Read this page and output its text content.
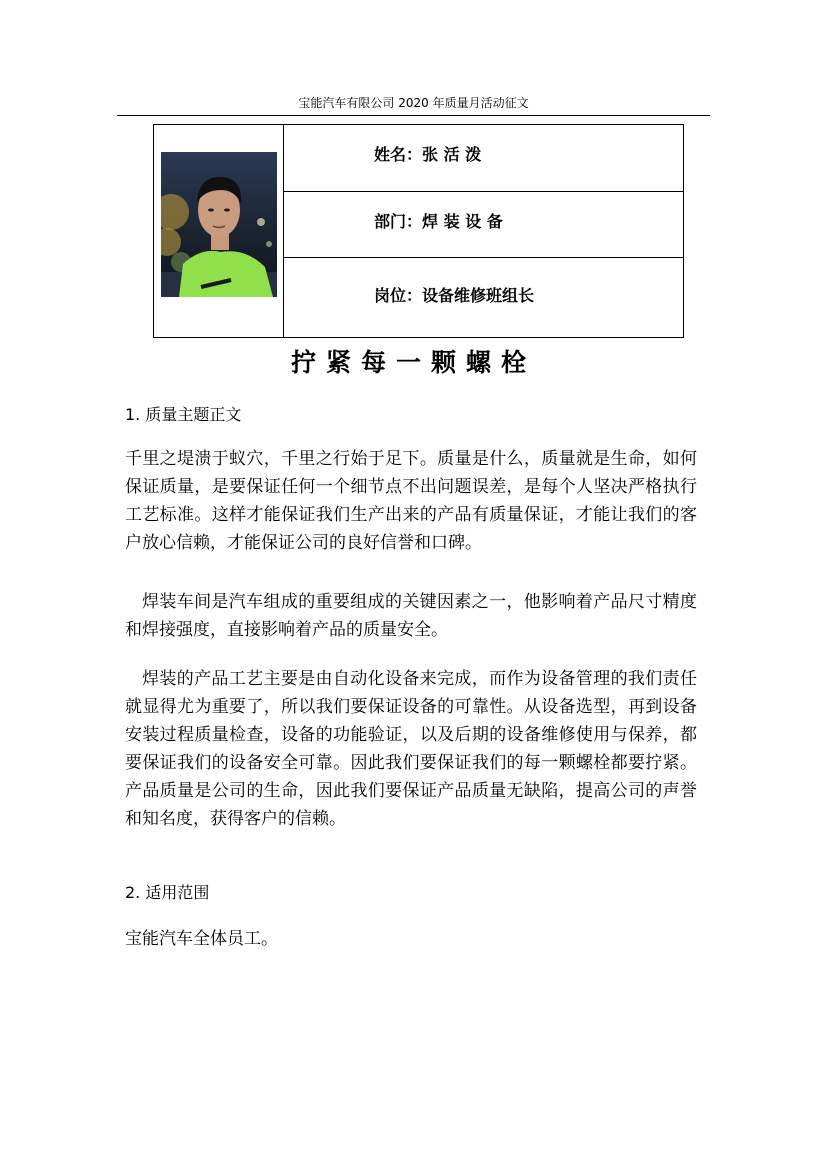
宝能汽车有限公司 2020 年质量月活动征文
姓名：张 活 泼
部门：焊 装 设 备
岗位：设备维修班组长
拧紧每一颗螺栓
1. 质量主题正文
千里之堤溃于蚁穴，千里之行始于足下。质量是什么，质量就是生命，如何保证质量，是要保证任何一个细节点不出问题误差，是每个人坚决严格执行工艺标准。这样才能保证我们生产出来的产品有质量保证，才能让我们的客户放心信赖，才能保证公司的良好信誉和口碑。
焊装车间是汽车组成的重要组成的关键因素之一，他影响着产品尺寸精度和焊接强度，直接影响着产品的质量安全。
焊装的产品工艺主要是由自动化设备来完成，而作为设备管理的我们责任就显得尤为重要了，所以我们要保证设备的可靠性。从设备选型，再到设备安装过程质量检查，设备的功能验证，以及后期的设备维修使用与保养，都要保证我们的设备安全可靠。因此我们要保证我们的每一颗螺栓都要拧紧。产品质量是公司的生命，因此我们要保证产品质量无缺陷，提高公司的声誉和知名度，获得客户的信赖。
2. 适用范围
宝能汽车全体员工。
